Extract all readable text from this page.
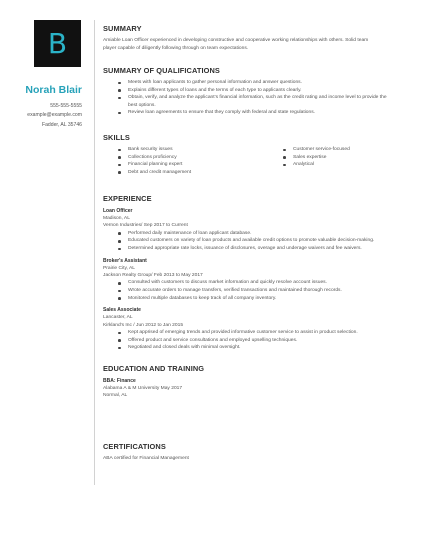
B
Norah Blair
555-555-5555
example@example.com
Fadder, AL 35746
SUMMARY

Amiable Loan Officer experienced in developing constructive and cooperative working relationships with others. Solid team

player capable of diligently following through on team expectations.

SUMMARY OF QUALIFICATIONS
Meets with loan applicants to gather personal information and answer questions.
Explains different types of loans and the terms of each type to applicants clearly.
Obtain, verify, and analyze the applicant's financial information, such as the credit rating and income level to provide the
best options.
Review loan agreements to ensure that they comply with federal and state regulations.
SKILLS
Bank security issues
Collections proficiency
Financial planning expert
Debt and credit management
Customer service-focused
Sales expertise
Analytical
EXPERIENCE
Loan Officer
Madison, AL
Vernon Industries/ Sep 2017 to Current
Performed daily maintenance of loan applicant database.
Educated customers on variety of loan products and available credit options to promote valuable decision-making.
Determined appropriate rate locks, issuance of disclosures, overage and underage waivers and fee waivers.
Broker's Assistant
Prairie City, AL
Jackson Realty Group/ Feb 2013 to May 2017
Consulted with customers to discuss market information and quickly resolve account issues.
Wrote accurate orders to manage transfers, verified transactions and maintained thorough records.
Monitored multiple databases to keep track of all company inventory.
Sales Associate
Lancaster, AL
Kirkland's Inc / Jun 2012 to Jan 2015
Kept apprised of emerging trends and provided informative customer service to assist in product selection.
Offered product and service consultations and employed upselling techniques.
Negotiated and closed deals with minimal oversight.
EDUCATION AND TRAINING
BBA: Finance
Alabama A & M University May 2017
Normal, AL
CERTIFICATIONS
ABA certified for Financial Management
